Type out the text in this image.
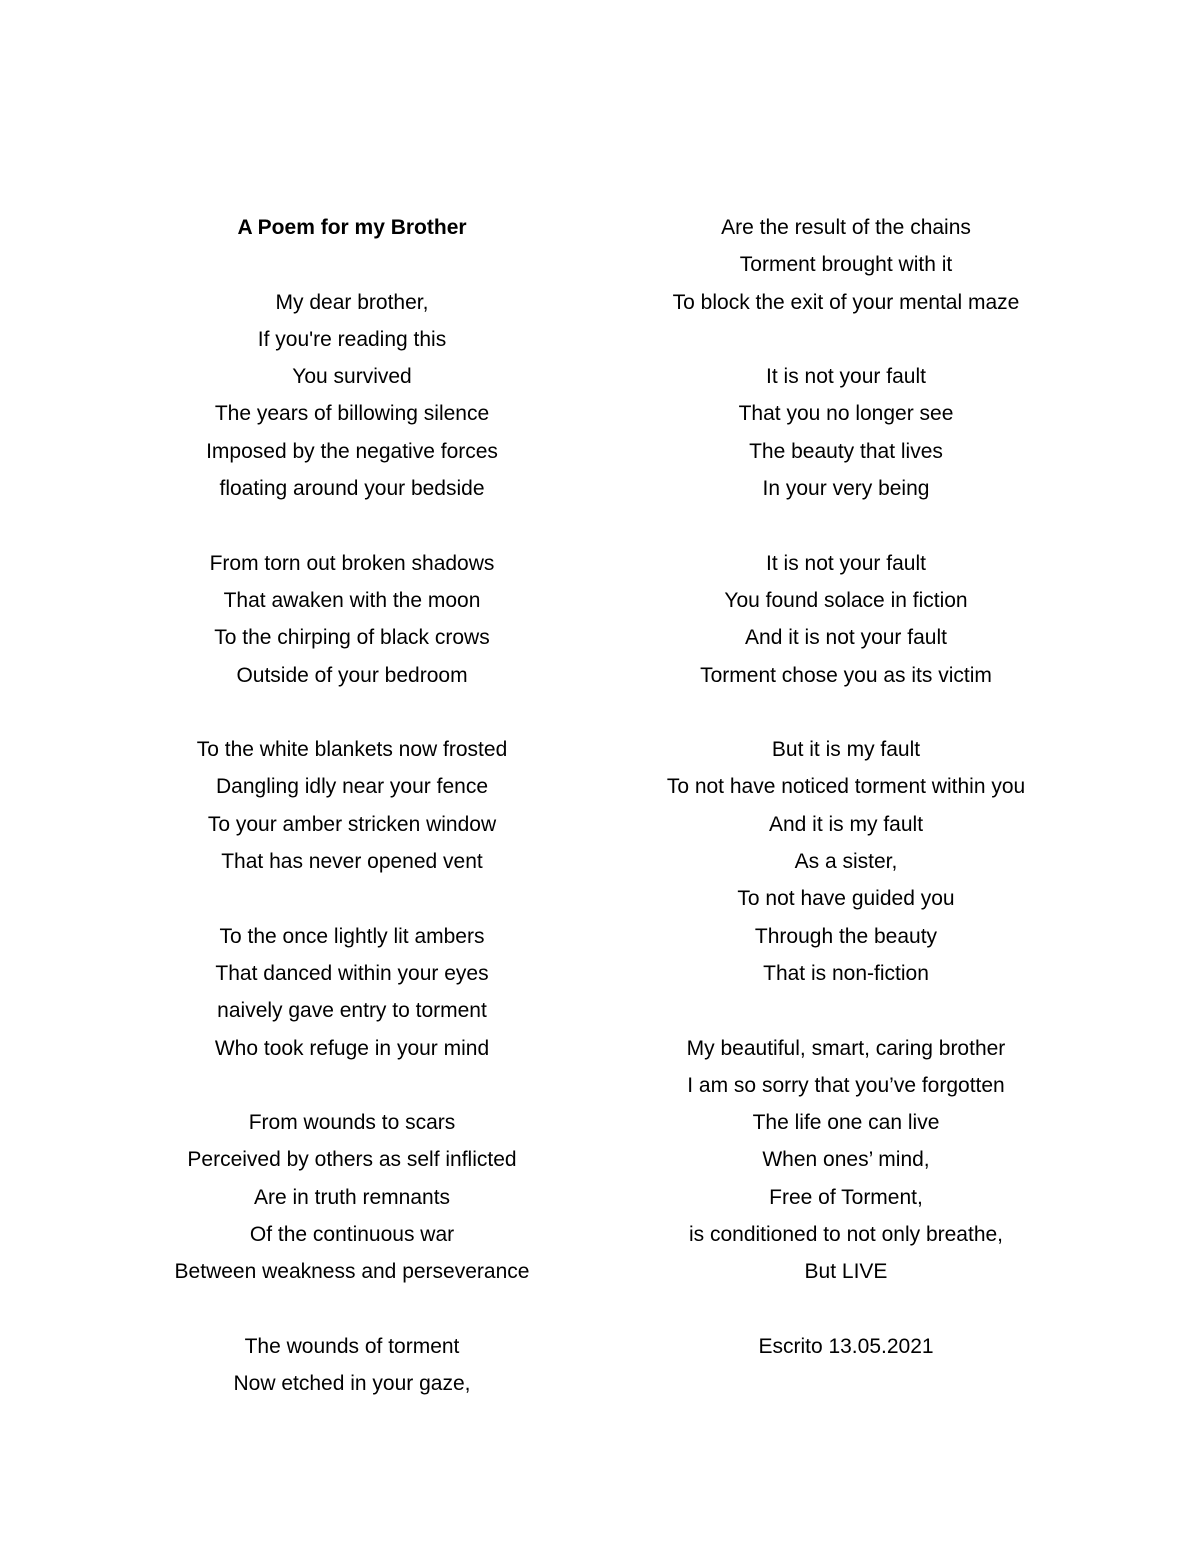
A Poem for my Brother
My dear brother,
If you're reading this
You survived
The years of billowing silence
Imposed by the negative forces
floating around your bedside
From torn out broken shadows
That awaken with the moon
To the chirping of black crows
Outside of your bedroom
To the white blankets now frosted
Dangling idly near your fence
To your amber stricken window
That has never opened vent
To the once lightly lit ambers
That danced within your eyes
naively gave entry to torment
Who took refuge in your mind
From wounds to scars
Perceived by others as self inflicted
Are in truth remnants
Of the continuous war
Between weakness and perseverance
The wounds of torment
Now etched in your gaze,
Are the result of the chains
Torment brought with it
To block the exit of your mental maze
It is not your fault
That you no longer see
The beauty that lives
In your very being
It is not your fault
You found solace in fiction
And it is not your fault
Torment chose you as its victim
But it is my fault
To not have noticed torment within you
And it is my fault
As a sister,
To not have guided you
Through the beauty
That is non-fiction
My beautiful, smart, caring brother
I am so sorry that you’ve forgotten
The life one can live
When ones’ mind,
Free of Torment,
is conditioned to not only breathe,
But LIVE
Escrito 13.05.2021
